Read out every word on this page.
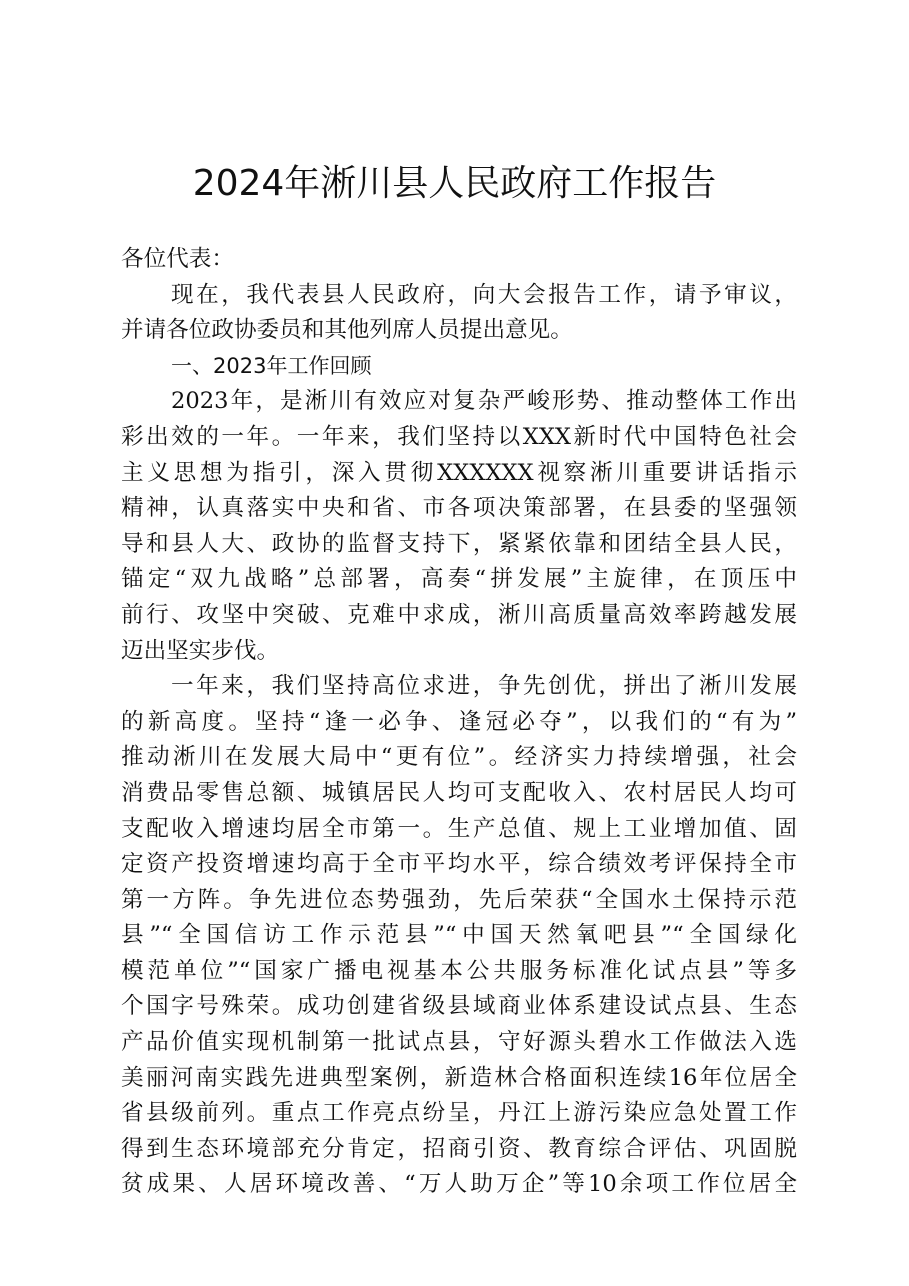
2024年淅川县人民政府工作报告
各位代表：
现在，我代表县人民政府，向大会报告工作，请予审议，
并请各位政协委员和其他列席人员提出意见。
一、2023年工作回顾
2023年，是淅川有效应对复杂严峻形势、推动整体工作出
彩出效的一年。一年来，我们坚持以XXX新时代中国特色社会
主义思想为指引，深入贯彻XXXXXX视察淅川重要讲话指示
精神，认真落实中央和省、市各项决策部署，在县委的坚强领
导和县人大、政协的监督支持下，紧紧依靠和团结全县人民，
锚定“双九战略”总部署，高奏“拼发展”主旋律，在顶压中
前行、攻坚中突破、克难中求成，淅川高质量高效率跨越发展
迈出坚实步伐。
一年来，我们坚持高位求进，争先创优，拼出了淅川发展
的新高度。坚持“逢一必争、逢冠必夺”，以我们的“有为”
推动淅川在发展大局中“更有位”。经济实力持续增强，社会
消费品零售总额、城镇居民人均可支配收入、农村居民人均可
支配收入增速均居全市第一。生产总值、规上工业增加值、固
定资产投资增速均高于全市平均水平，综合绩效考评保持全市
第一方阵。争先进位态势强劲，先后荣获“全国水土保持示范
县”“全国信访工作示范县”“中国天然氧吧县”“全国绿化
模范单位”“国家广播电视基本公共服务标准化试点县”等多
个国字号殊荣。成功创建省级县域商业体系建设试点县、生态
产品价值实现机制第一批试点县，守好源头碧水工作做法入选
美丽河南实践先进典型案例，新造林合格面积连续16年位居全
省县级前列。重点工作亮点纷呈，丹江上游污染应急处置工作
得到生态环境部充分肯定，招商引资、教育综合评估、巩固脱
贫成果、人居环境改善、“万人助万企”等10余项工作位居全
